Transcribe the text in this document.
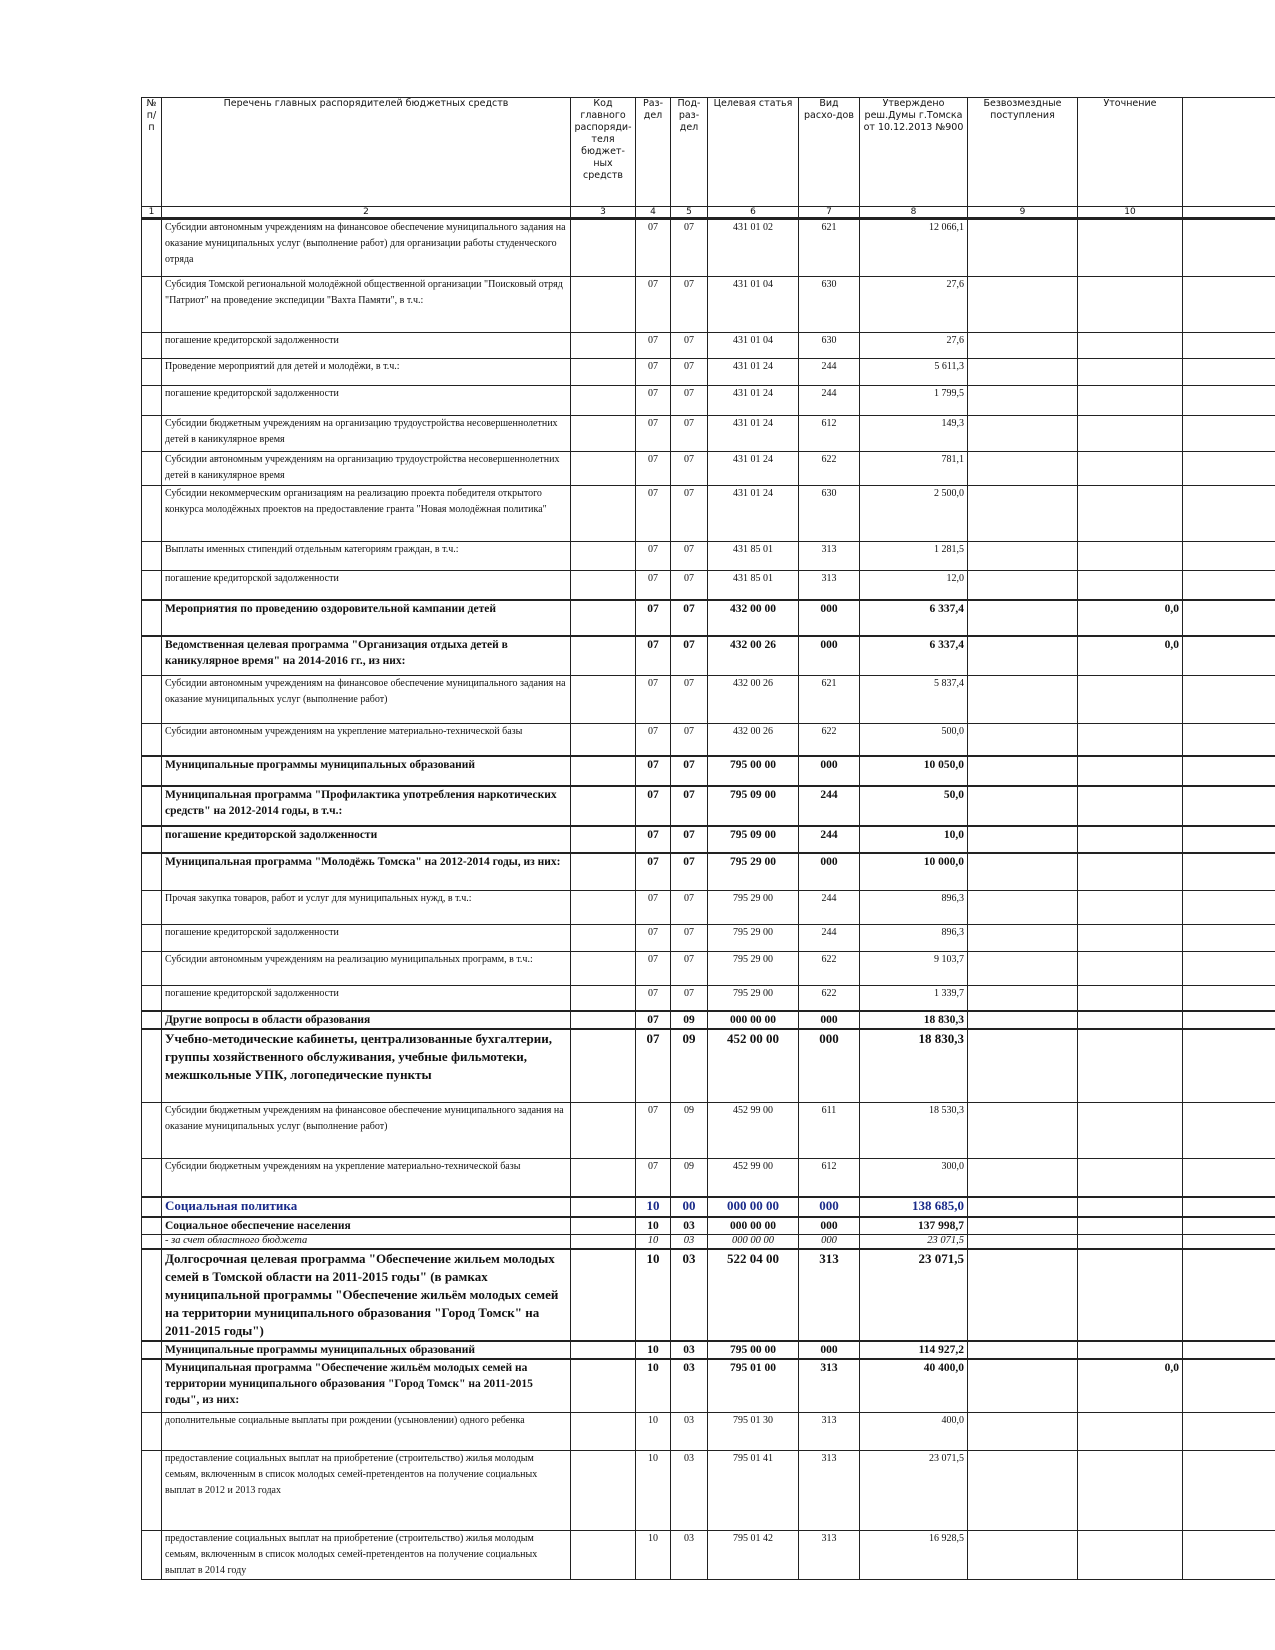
№ п/п	Перечень главных распорядителей бюджетных средств	Код главного распоряди-теля бюджет-ных средств	Раз-дел	Под-раз-дел	Целевая статья	Вид расхо-дов	Утверждено реш.Думы г.Томска от 10.12.2013 №900	Безвозмездные поступления	Уточнение	
1	2	3	4	5	6	7	8	9	10	
	Субсидии автономным учреждениям на финансовое обеспечение муниципального задания на оказание муниципальных услуг (выполнение работ) для организации работы студенческого отряда		07	07	431 01 02	621	12 066,1			
	Субсидия Томской региональной молодёжной общественной организации "Поисковый отряд "Патриот" на проведение экспедиции "Вахта Памяти", в т.ч.:		07	07	431 01 04	630	27,6			
	погашение кредиторской задолженности		07	07	431 01 04	630	27,6			
	Проведение мероприятий для детей и молодёжи, в т.ч.:		07	07	431 01 24	244	5 611,3			
	погашение кредиторской задолженности		07	07	431 01 24	244	1 799,5			
	Субсидии бюджетным учреждениям на организацию трудоустройства несовершеннолетних детей в каникулярное время		07	07	431 01 24	612	149,3			
	Субсидии автономным учреждениям на организацию трудоустройства несовершеннолетних детей в каникулярное время		07	07	431 01 24	622	781,1			
	Субсидии некоммерческим организациям на реализацию проекта победителя открытого конкурса молодёжных проектов на предоставление гранта "Новая молодёжная политика"		07	07	431 01 24	630	2 500,0			
	Выплаты именных стипендий отдельным категориям граждан, в т.ч.:		07	07	431 85 01	313	1 281,5			
	погашение кредиторской задолженности		07	07	431 85 01	313	12,0			
	Мероприятия по проведению оздоровительной кампании детей		07	07	432 00 00	000	6 337,4		0,0	
	Ведомственная целевая программа "Организация отдыха детей в каникулярное время" на 2014-2016 гг., из них:		07	07	432 00 26	000	6 337,4		0,0	
	Субсидии автономным учреждениям на финансовое обеспечение муниципального задания на оказание муниципальных услуг (выполнение работ)		07	07	432 00 26	621	5 837,4			
	Субсидии автономным учреждениям на укрепление материально-технической базы		07	07	432 00 26	622	500,0			
	Муниципальные программы муниципальных образований		07	07	795 00 00	000	10 050,0			
	Муниципальная программа "Профилактика употребления наркотических средств" на 2012-2014 годы, в т.ч.:		07	07	795 09 00	244	50,0			
	погашение кредиторской задолженности		07	07	795 09 00	244	10,0			
	Муниципальная программа "Молодёжь Томска" на 2012-2014 годы, из них:		07	07	795 29 00	000	10 000,0			
	Прочая закупка товаров, работ и услуг для муниципальных нужд, в т.ч.:		07	07	795 29 00	244	896,3			
	погашение кредиторской задолженности		07	07	795 29 00	244	896,3			
	Субсидии автономным учреждениям на реализацию муниципальных программ, в т.ч.:		07	07	795 29 00	622	9 103,7			
	погашение кредиторской задолженности		07	07	795 29 00	622	1 339,7			
	Другие вопросы в области образования		07	09	000 00 00	000	18 830,3			
	Учебно-методические кабинеты, централизованные бухгалтерии, группы хозяйственного обслуживания, учебные фильмотеки, межшкольные УПК, логопедические пункты		07	09	452 00 00	000	18 830,3			
	Субсидии бюджетным учреждениям на финансовое обеспечение муниципального задания на оказание муниципальных услуг (выполнение работ)		07	09	452 99 00	611	18 530,3			
	Субсидии бюджетным учреждениям на укрепление материально-технической базы		07	09	452 99 00	612	300,0			
	Социальная политика		10	00	000 00 00	000	138 685,0			
	Социальное обеспечение населения		10	03	000 00 00	000	137 998,7			
	- за счет областного бюджета		10	03	000 00 00	000	23 071,5			
	Долгосрочная целевая программа "Обеспечение жильем молодых семей в Томской области на 2011-2015 годы" (в рамках муниципальной программы "Обеспечение жильём молодых семей на территории муниципального образования "Город Томск" на 2011-2015 годы")		10	03	522 04 00	313	23 071,5			
	Муниципальные программы муниципальных образований		10	03	795 00 00	000	114 927,2			
	Муниципальная программа "Обеспечение жильём молодых семей на территории муниципального образования "Город Томск" на 2011-2015 годы", из них:		10	03	795 01 00	313	40 400,0		0,0	
	дополнительные социальные выплаты при рождении (усыновлении) одного ребенка		10	03	795 01 30	313	400,0			
	предоставление социальных выплат на приобретение (строительство) жилья молодым семьям, включенным в список молодых семей-претендентов на получение социальных выплат в 2012 и 2013 годах		10	03	795 01 41	313	23 071,5			
	предоставление социальных выплат на приобретение (строительство) жилья молодым семьям, включенным в список молодых семей-претендентов на получение социальных выплат в 2014 году		10	03	795 01 42	313	16 928,5			
